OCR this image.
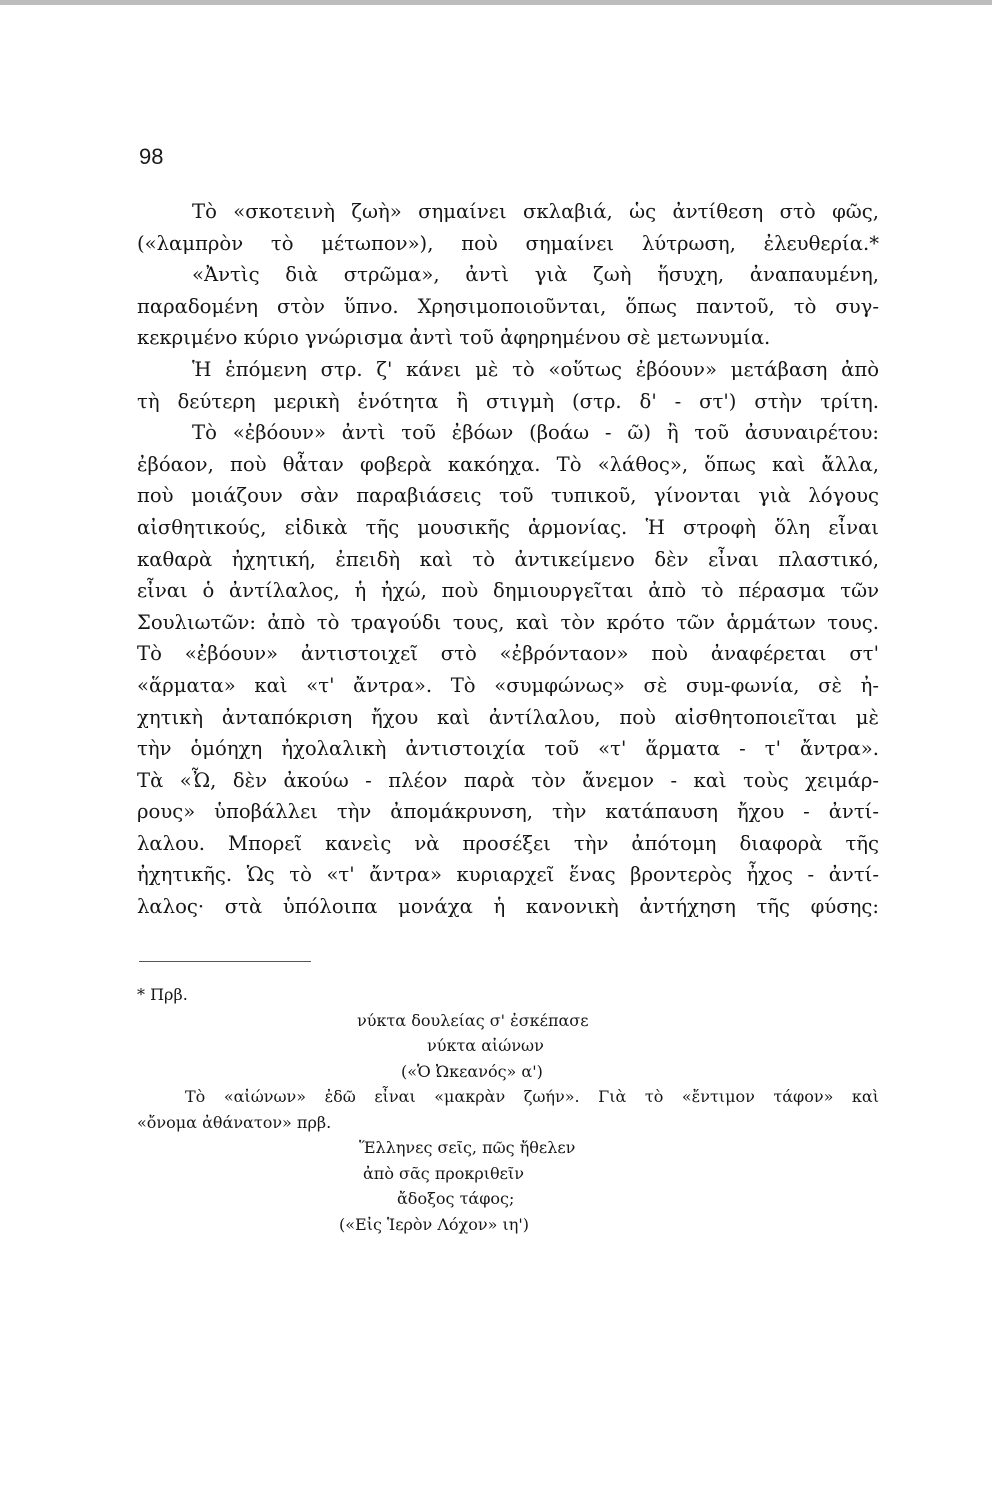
98
Τὸ «σκοτεινὴ ζωὴ» σημαίνει σκλαβιά, ὡς ἀντίθεση στὸ φῶς,
(«λαμπρὸν τὸ μέτωπον»), ποὺ σημαίνει λύτρωση, ἐλευθερία.*
«Ἀντὶς διὰ στρῶμα», ἀντὶ γιὰ ζωὴ ἥσυχη, ἀναπαυμένη,
παραδομένη στὸν ὕπνο. Χρησιμοποιοῦνται, ὅπως παντοῦ, τὸ συγ-
κεκριμένο κύριο γνώρισμα ἀντὶ τοῦ ἀφηρημένου σὲ μετωνυμία.
Ἡ ἑπόμενη στρ. ζ' κάνει μὲ τὸ «οὕτως ἐβόουν» μετάβαση ἀπὸ
τὴ δεύτερη μερικὴ ἑνότητα ἢ στιγμὴ (στρ. δ' - στ') στὴν τρίτη.
Τὸ «ἐβόουν» ἀντὶ τοῦ ἐβόων (βοάω - ῶ) ἢ τοῦ ἀσυναιρέτου:
ἐβόαον, ποὺ θἆταν φοβερὰ κακόηχα. Τὸ «λάθος», ὅπως καὶ ἄλλα,
ποὺ μοιάζουν σὰν παραβιάσεις τοῦ τυπικοῦ, γίνονται γιὰ λόγους
αἰσθητικούς, εἰδικὰ τῆς μουσικῆς ἁρμονίας. Ἡ στροφὴ ὅλη εἶναι
καθαρὰ ἠχητική, ἐπειδὴ καὶ τὸ ἀντικείμενο δὲν εἶναι πλαστικό,
εἶναι ὁ ἀντίλαλος, ἡ ἠχώ, ποὺ δημιουργεῖται ἀπὸ τὸ πέρασμα τῶν
Σουλιωτῶν: ἀπὸ τὸ τραγούδι τους, καὶ τὸν κρότο τῶν ἁρμάτων τους.
Τὸ «ἐβόουν» ἀντιστοιχεῖ στὸ «ἐβρόνταον» ποὺ ἀναφέρεται στ'
«ἅρματα» καὶ «τ' ἄντρα». Τὸ «συμφώνως» σὲ συμ-φωνία, σὲ ἠ-
χητικὴ ἀνταπόκριση ἤχου καὶ ἀντίλαλου, ποὺ αἰσθητοποιεῖται μὲ
τὴν ὁμόηχη ἠχολαλικὴ ἀντιστοιχία τοῦ «τ' ἅρματα - τ' ἄντρα».
Τὰ «Ὦ, δὲν ἀκούω - πλέον παρὰ τὸν ἄνεμον - καὶ τοὺς χειμάρ-
ρους» ὑποβάλλει τὴν ἀπομάκρυνση, τὴν κατάπαυση ἤχου - ἀντί-
λαλου. Μπορεῖ κανεὶς νὰ προσέξει τὴν ἀπότομη διαφορὰ τῆς
ἠχητικῆς. Ὡς τὸ «τ' ἄντρα» κυριαρχεῖ ἕνας βροντερὸς ἦχος - ἀντί-
λαλος· στὰ ὑπόλοιπα μονάχα ἡ κανονικὴ ἀντήχηση τῆς φύσης:
* Πρβ.
νύκτα δουλείας σ' ἐσκέπασε
νύκτα αἰώνων
(«Ὁ Ὠκεανός» α')
Τὸ «αἰώνων» ἐδῶ εἶναι «μακρὰν ζωήν». Γιὰ τὸ «ἔντιμον τάφον» καὶ
«ὄνομα ἀθάνατον» πρβ.
Ἕλληνες σεῖς, πῶς ἤθελεν
ἀπὸ σᾶς προκριθεῖν
ἄδοξος τάφος;
(«Εἰς Ἱερὸν Λόχον» ιη')
